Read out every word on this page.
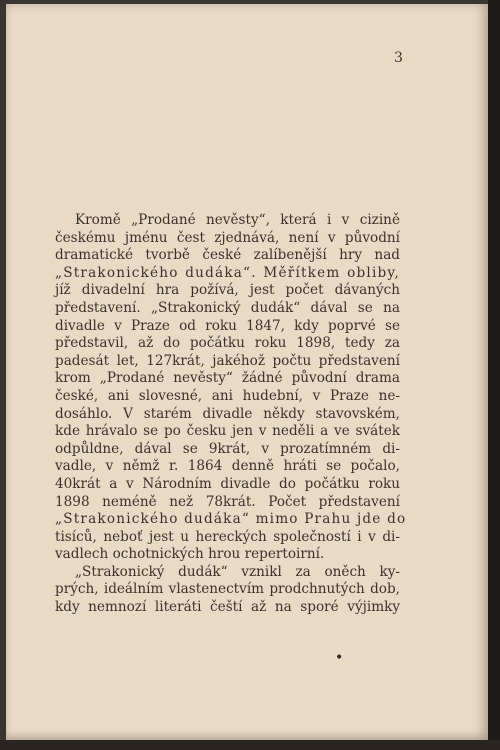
3
Kromě „Prodané nevěsty“, která i v cizině
českému jménu čest zjednává, není v původní
dramatické tvorbě české zalíbenější hry nad
„Strakonického dudáka“. Měřítkem obliby,
jíž divadelní hra požívá, jest počet dávaných
představení. „Strakonický dudák“ dával se na
divadle v Praze od roku 1847, kdy poprvé se
představil, až do počátku roku 1898, tedy za
padesát let, 127krát, jakéhož počtu představení
krom „Prodané nevěsty“ žádné původní drama
české, ani slovesné, ani hudební, v Praze ne-
dosáhlo. V starém divadle někdy stavovském,
kde hrávalo se po česku jen v neděli a ve svátek
odpůldne, dával se 9krát, v prozatímném di-
vadle, v němž r. 1864 denně hráti se počalo,
40krát a v Národním divadle do počátku roku
1898 neméně než 78krát. Počet představení
„Strakonického dudáka“ mimo Prahu jde do
tisíců, neboť jest u hereckých společností i v di-
vadlech ochotnických hrou repertoirní.
„Strakonický dudák“ vznikl za oněch ky-
prých, ideálním vlastenectvím prodchnutých dob,
kdy nemnozí literáti čeští až na sporé výjimky
•
